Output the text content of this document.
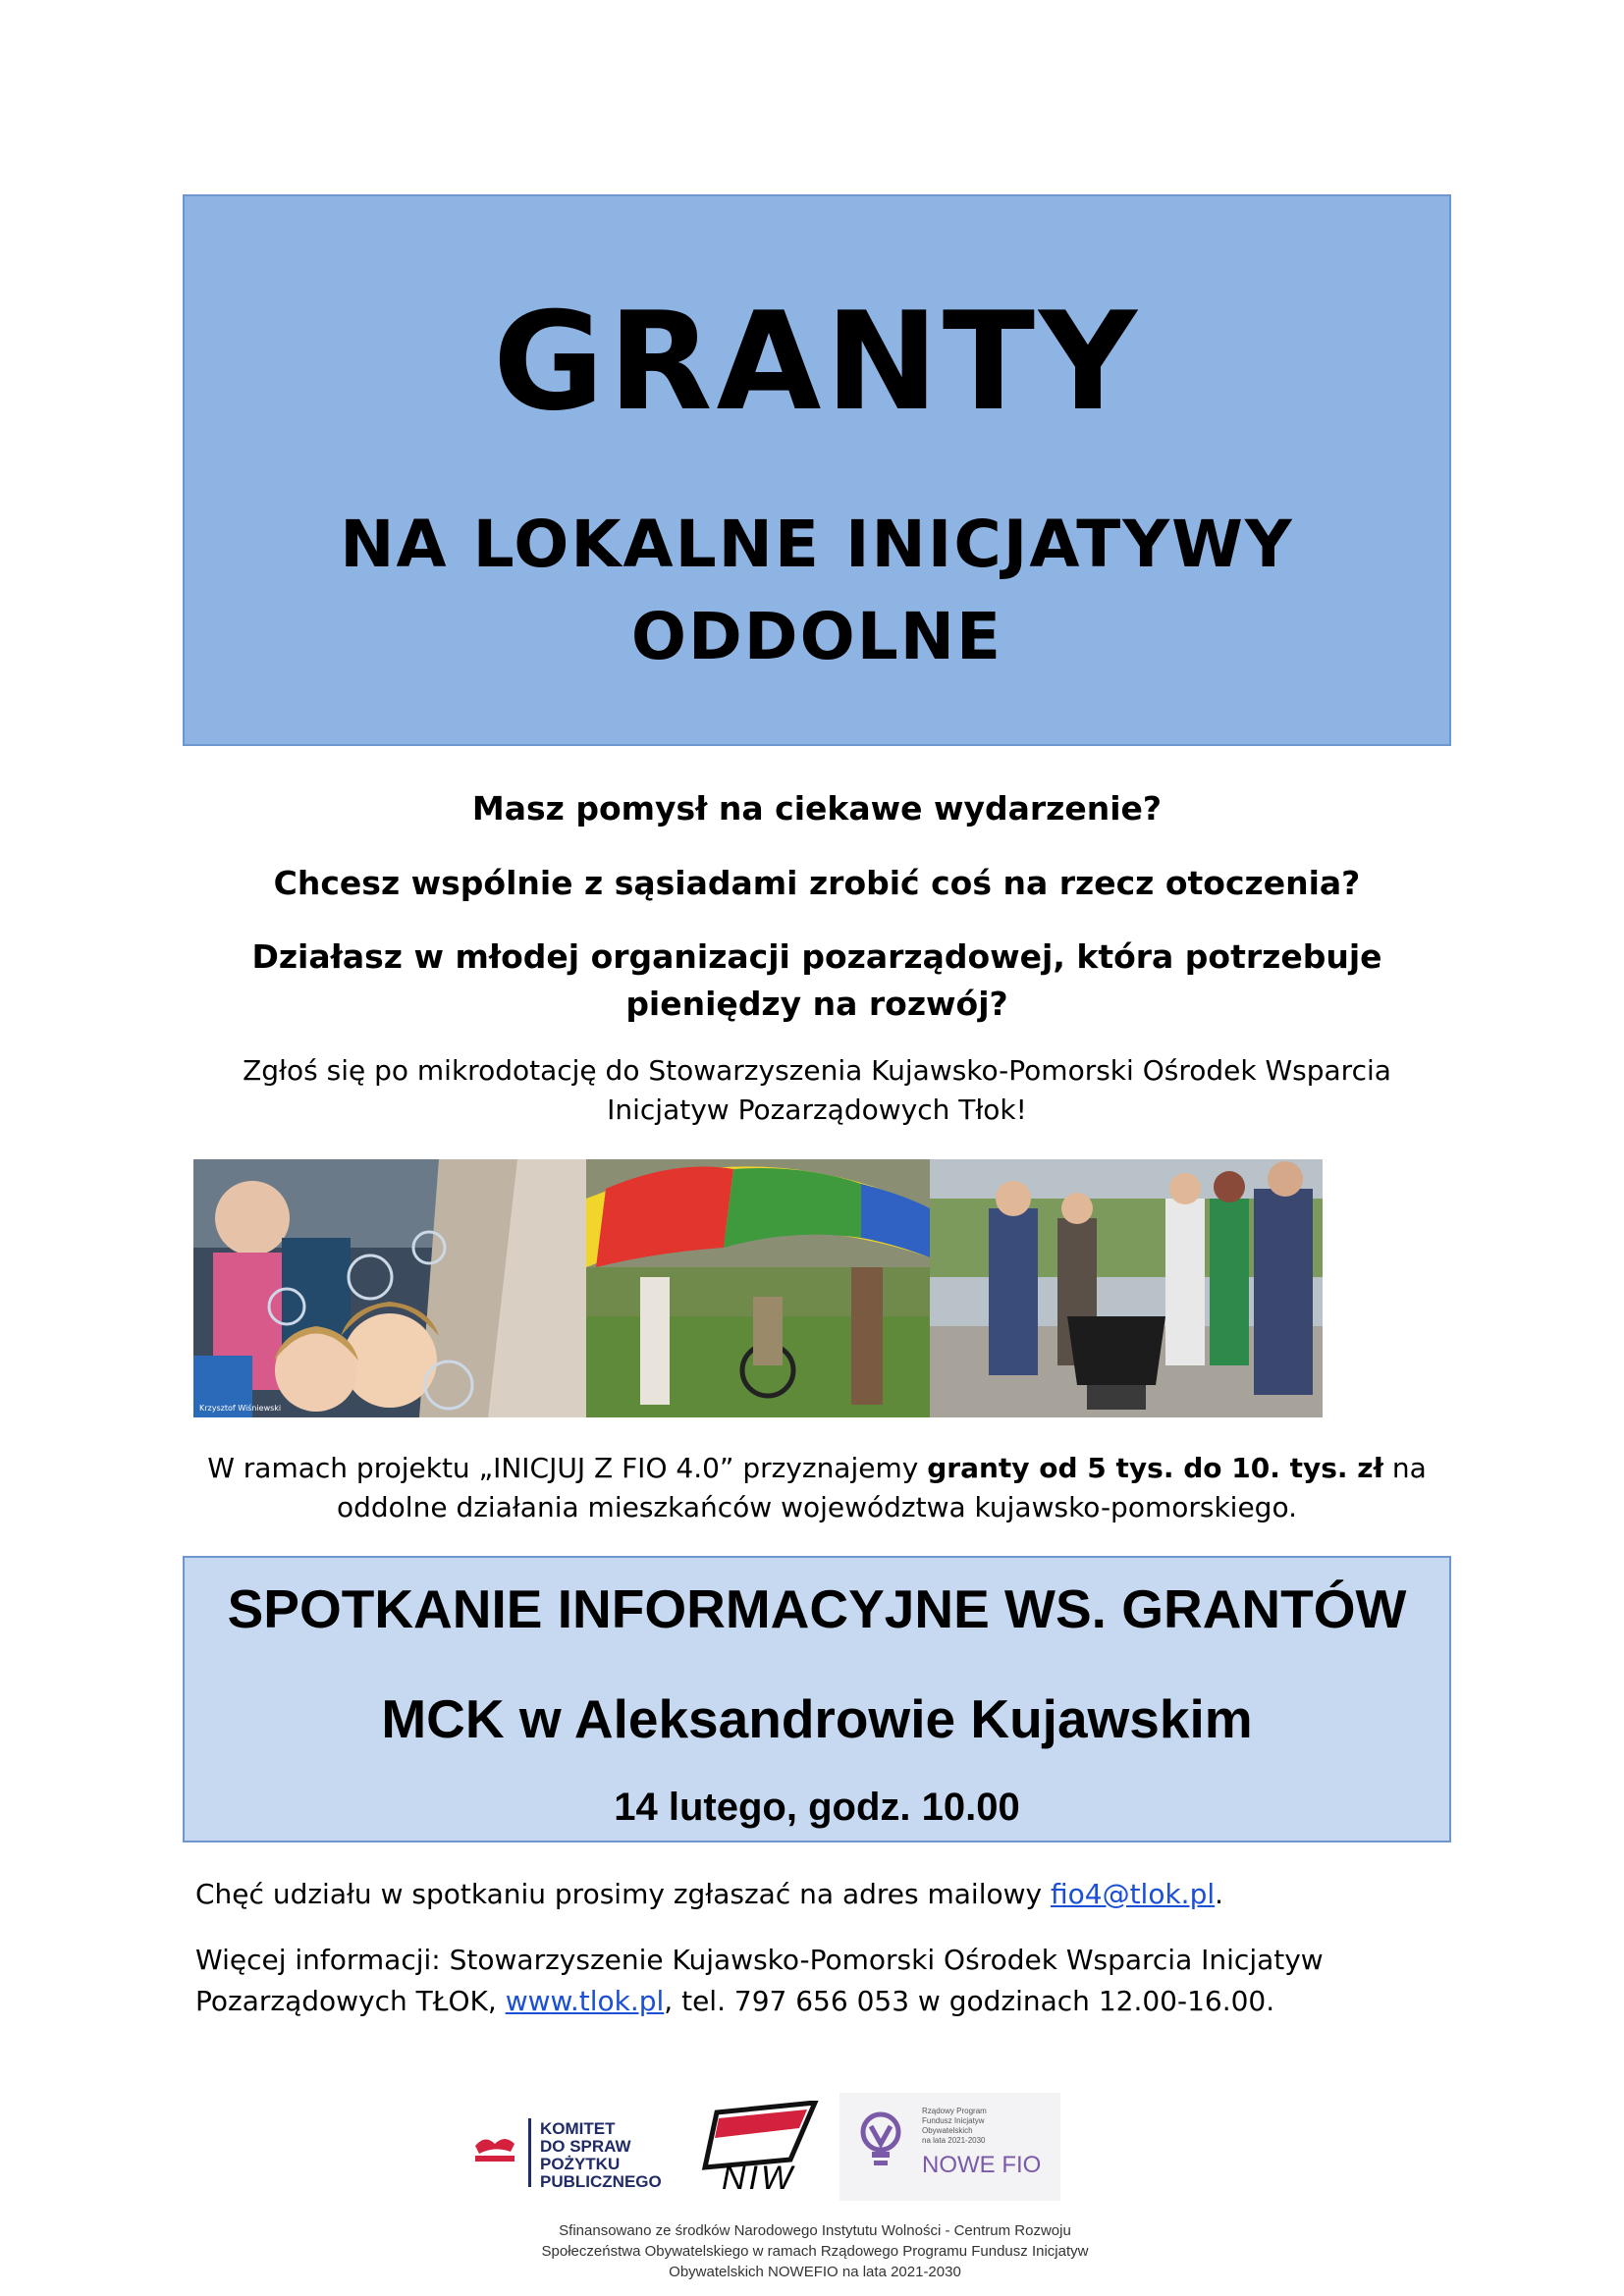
GRANTY
NA LOKALNE INICJATYWY
ODDOLNE
Masz pomysł na ciekawe wydarzenie?
Chcesz wspólnie z sąsiadami zrobić coś na rzecz otoczenia?
Działasz w młodej organizacji pozarządowej, która potrzebuje
pieniędzy na rozwój?
Zgłoś się po mikrodotację do Stowarzyszenia Kujawsko-Pomorski Ośrodek Wsparcia
Inicjatyw Pozarządowych Tłok!
Krzysztof Wiśniewski
W ramach projektu „INICJUJ Z FIO 4.0” przyznajemy granty od 5 tys. do 10. tys. zł na
oddolne działania mieszkańców województwa kujawsko-pomorskiego.
SPOTKANIE INFORMACYJNE WS. GRANTÓW
MCK w Aleksandrowie Kujawskim
14 lutego, godz. 10.00
Chęć udziału w spotkaniu prosimy zgłaszać na adres mailowy fio4@tlok.pl.
Więcej informacji: Stowarzyszenie Kujawsko-Pomorski Ośrodek Wsparcia Inicjatyw
Pozarządowych TŁOK, www.tlok.pl, tel. 797 656 053 w godzinach 12.00-16.00.
KOMITET
DO SPRAW
POŻYTKU
PUBLICZNEGO	NIW
Rządowy Program
Fundusz Inicjatyw
Obywatelskich
na lata 2021-2030
NOWE FIO
Sfinansowano ze środków Narodowego Instytutu Wolności - Centrum Rozwoju
Społeczeństwa Obywatelskiego w ramach Rządowego Programu Fundusz Inicjatyw
Obywatelskich NOWEFIO na lata 2021-2030
